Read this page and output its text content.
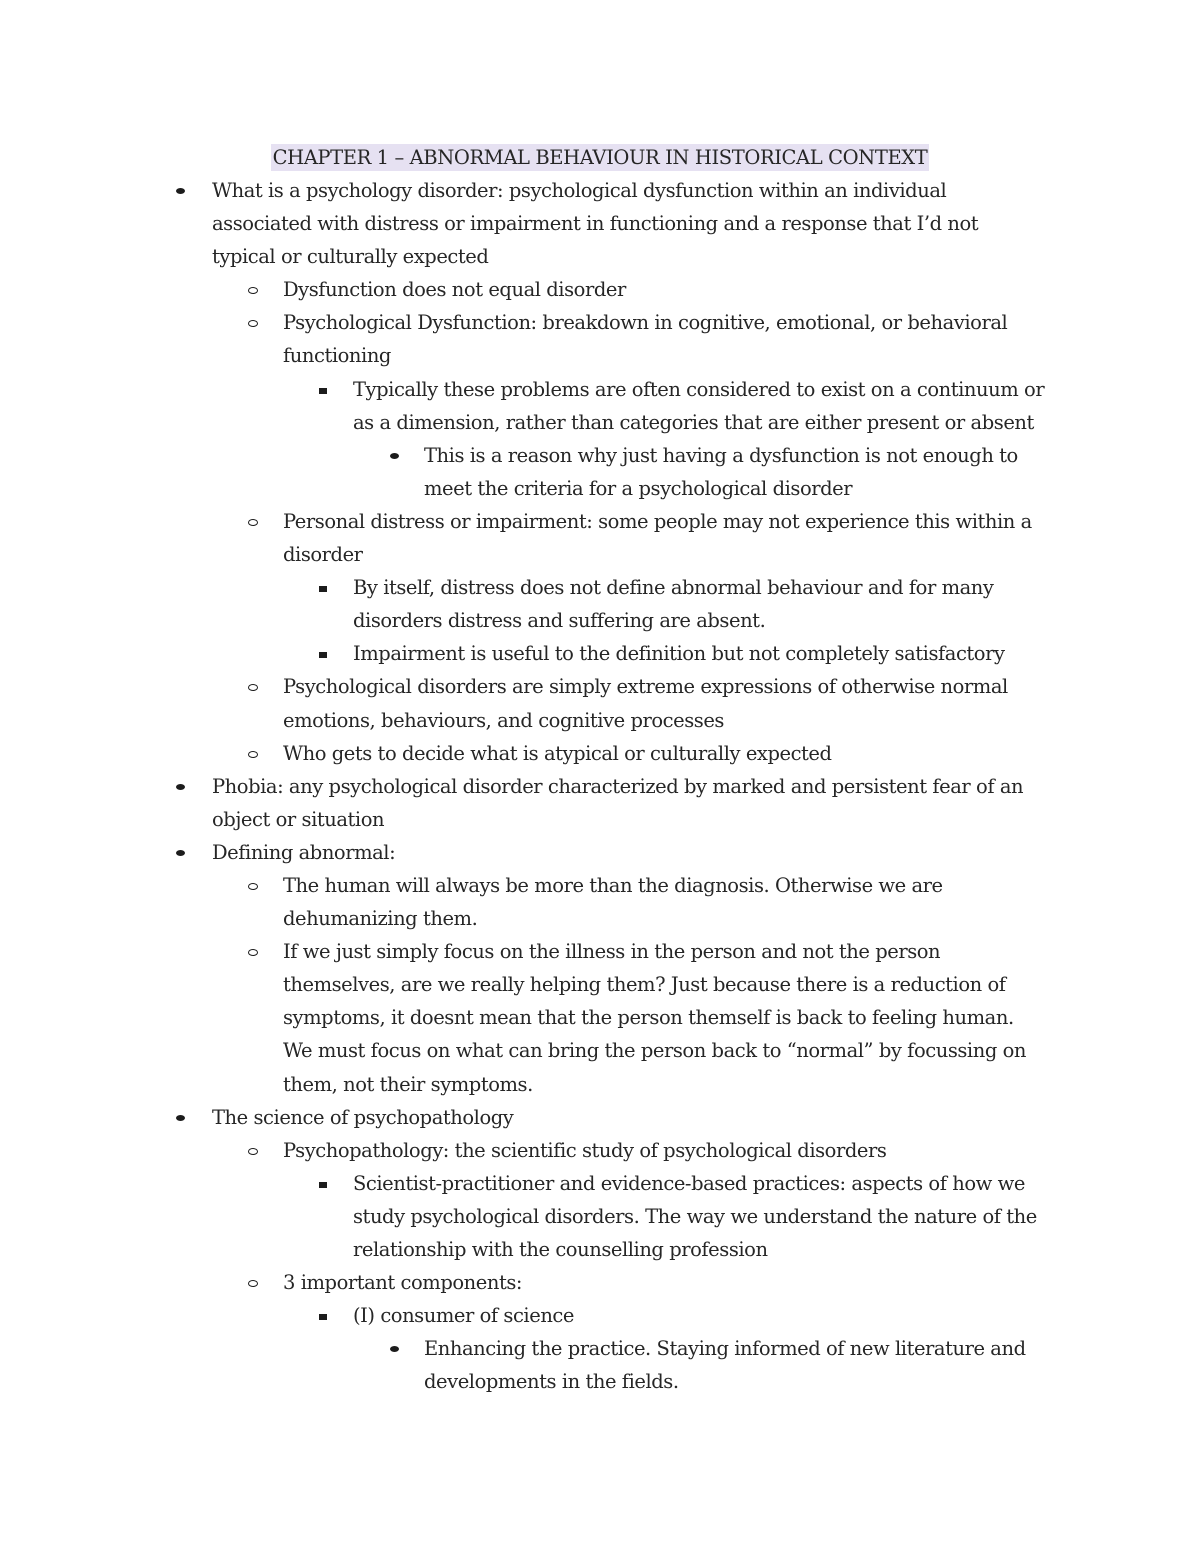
CHAPTER 1 – ABNORMAL BEHAVIOUR IN HISTORICAL CONTEXT
What is a psychology disorder: psychological dysfunction within an individual
associated with distress or impairment in functioning and a response that I’d not
typical or culturally expected
Dysfunction does not equal disorder
Psychological Dysfunction: breakdown in cognitive, emotional, or behavioral
functioning
Typically these problems are often considered to exist on a continuum or
as a dimension, rather than categories that are either present or absent
This is a reason why just having a dysfunction is not enough to
meet the criteria for a psychological disorder
Personal distress or impairment: some people may not experience this within a
disorder
By itself, distress does not define abnormal behaviour and for many
disorders distress and suffering are absent.
Impairment is useful to the definition but not completely satisfactory
Psychological disorders are simply extreme expressions of otherwise normal
emotions, behaviours, and cognitive processes
Who gets to decide what is atypical or culturally expected
Phobia: any psychological disorder characterized by marked and persistent fear of an
object or situation
Defining abnormal:
The human will always be more than the diagnosis. Otherwise we are
dehumanizing them.
If we just simply focus on the illness in the person and not the person
themselves, are we really helping them? Just because there is a reduction of
symptoms, it doesnt mean that the person themself is back to feeling human.
We must focus on what can bring the person back to “normal” by focussing on
them, not their symptoms.
The science of psychopathology
Psychopathology: the scientific study of psychological disorders
Scientist-practitioner and evidence-based practices: aspects of how we
study psychological disorders. The way we understand the nature of the
relationship with the counselling profession
3 important components:
(I) consumer of science
Enhancing the practice. Staying informed of new literature and
developments in the fields.
